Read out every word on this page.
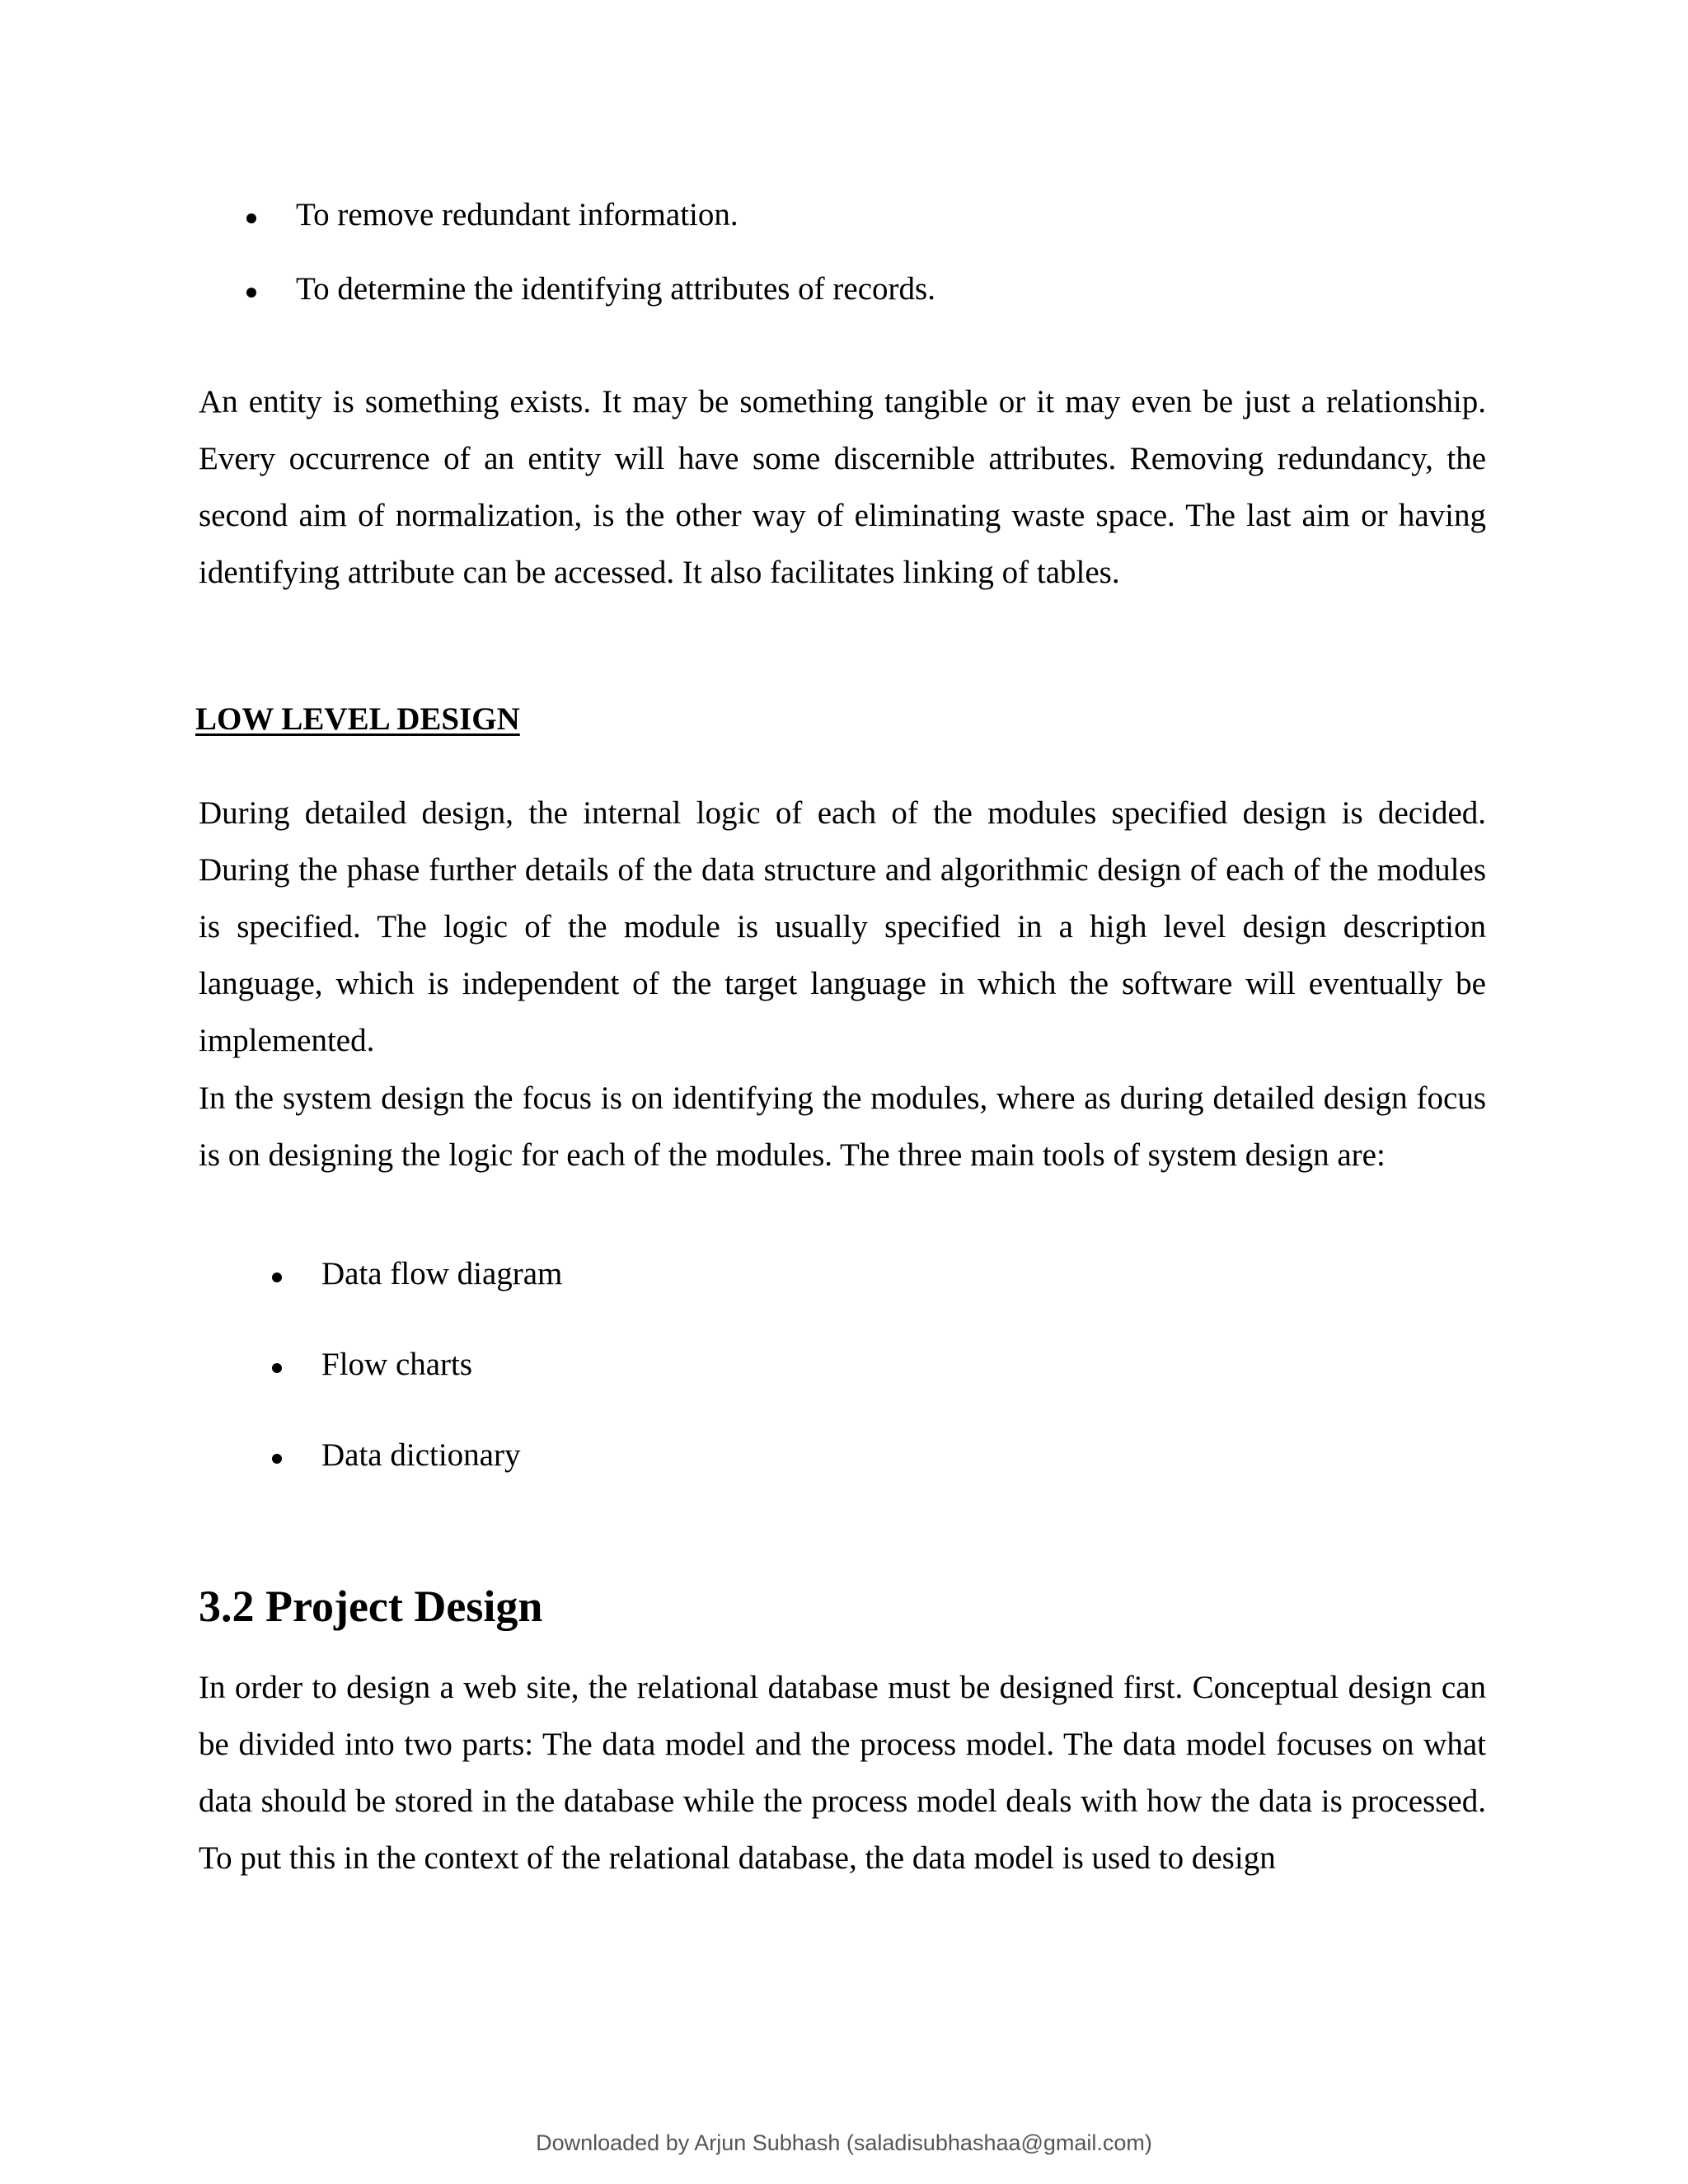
To remove redundant information.
To determine the identifying attributes of records.

An entity is something exists. It may be something tangible or it may even be just a relationship. Every occurrence of an entity will have some discernible attributes. Removing redundancy, the second aim of normalization, is the other way of eliminating waste space. The last aim or having identifying attribute can be accessed. It also facilitates linking of tables.

LOW LEVEL DESIGN

During detailed design, the internal logic of each of the modules specified design is decided. During the phase further details of the data structure and algorithmic design of each of the modules is specified. The logic of the module is usually specified in a high level design description language, which is independent of the target language in which the software will eventually be implemented.

In the system design the focus is on identifying the modules, where as during detailed design focus is on designing the logic for each of the modules. The three main tools of system design are:

Data flow diagram
Flow charts
Data dictionary
3.2 Project Design

In order to design a web site, the relational database must be designed first. Conceptual design can be divided into two parts: The data model and the process model. The data model focuses on what data should be stored in the database while the process model deals with how the data is processed. To put this in the context of the relational database, the data model is used to design

Downloaded by Arjun Subhash (saladisubhashaa@gmail.com)
